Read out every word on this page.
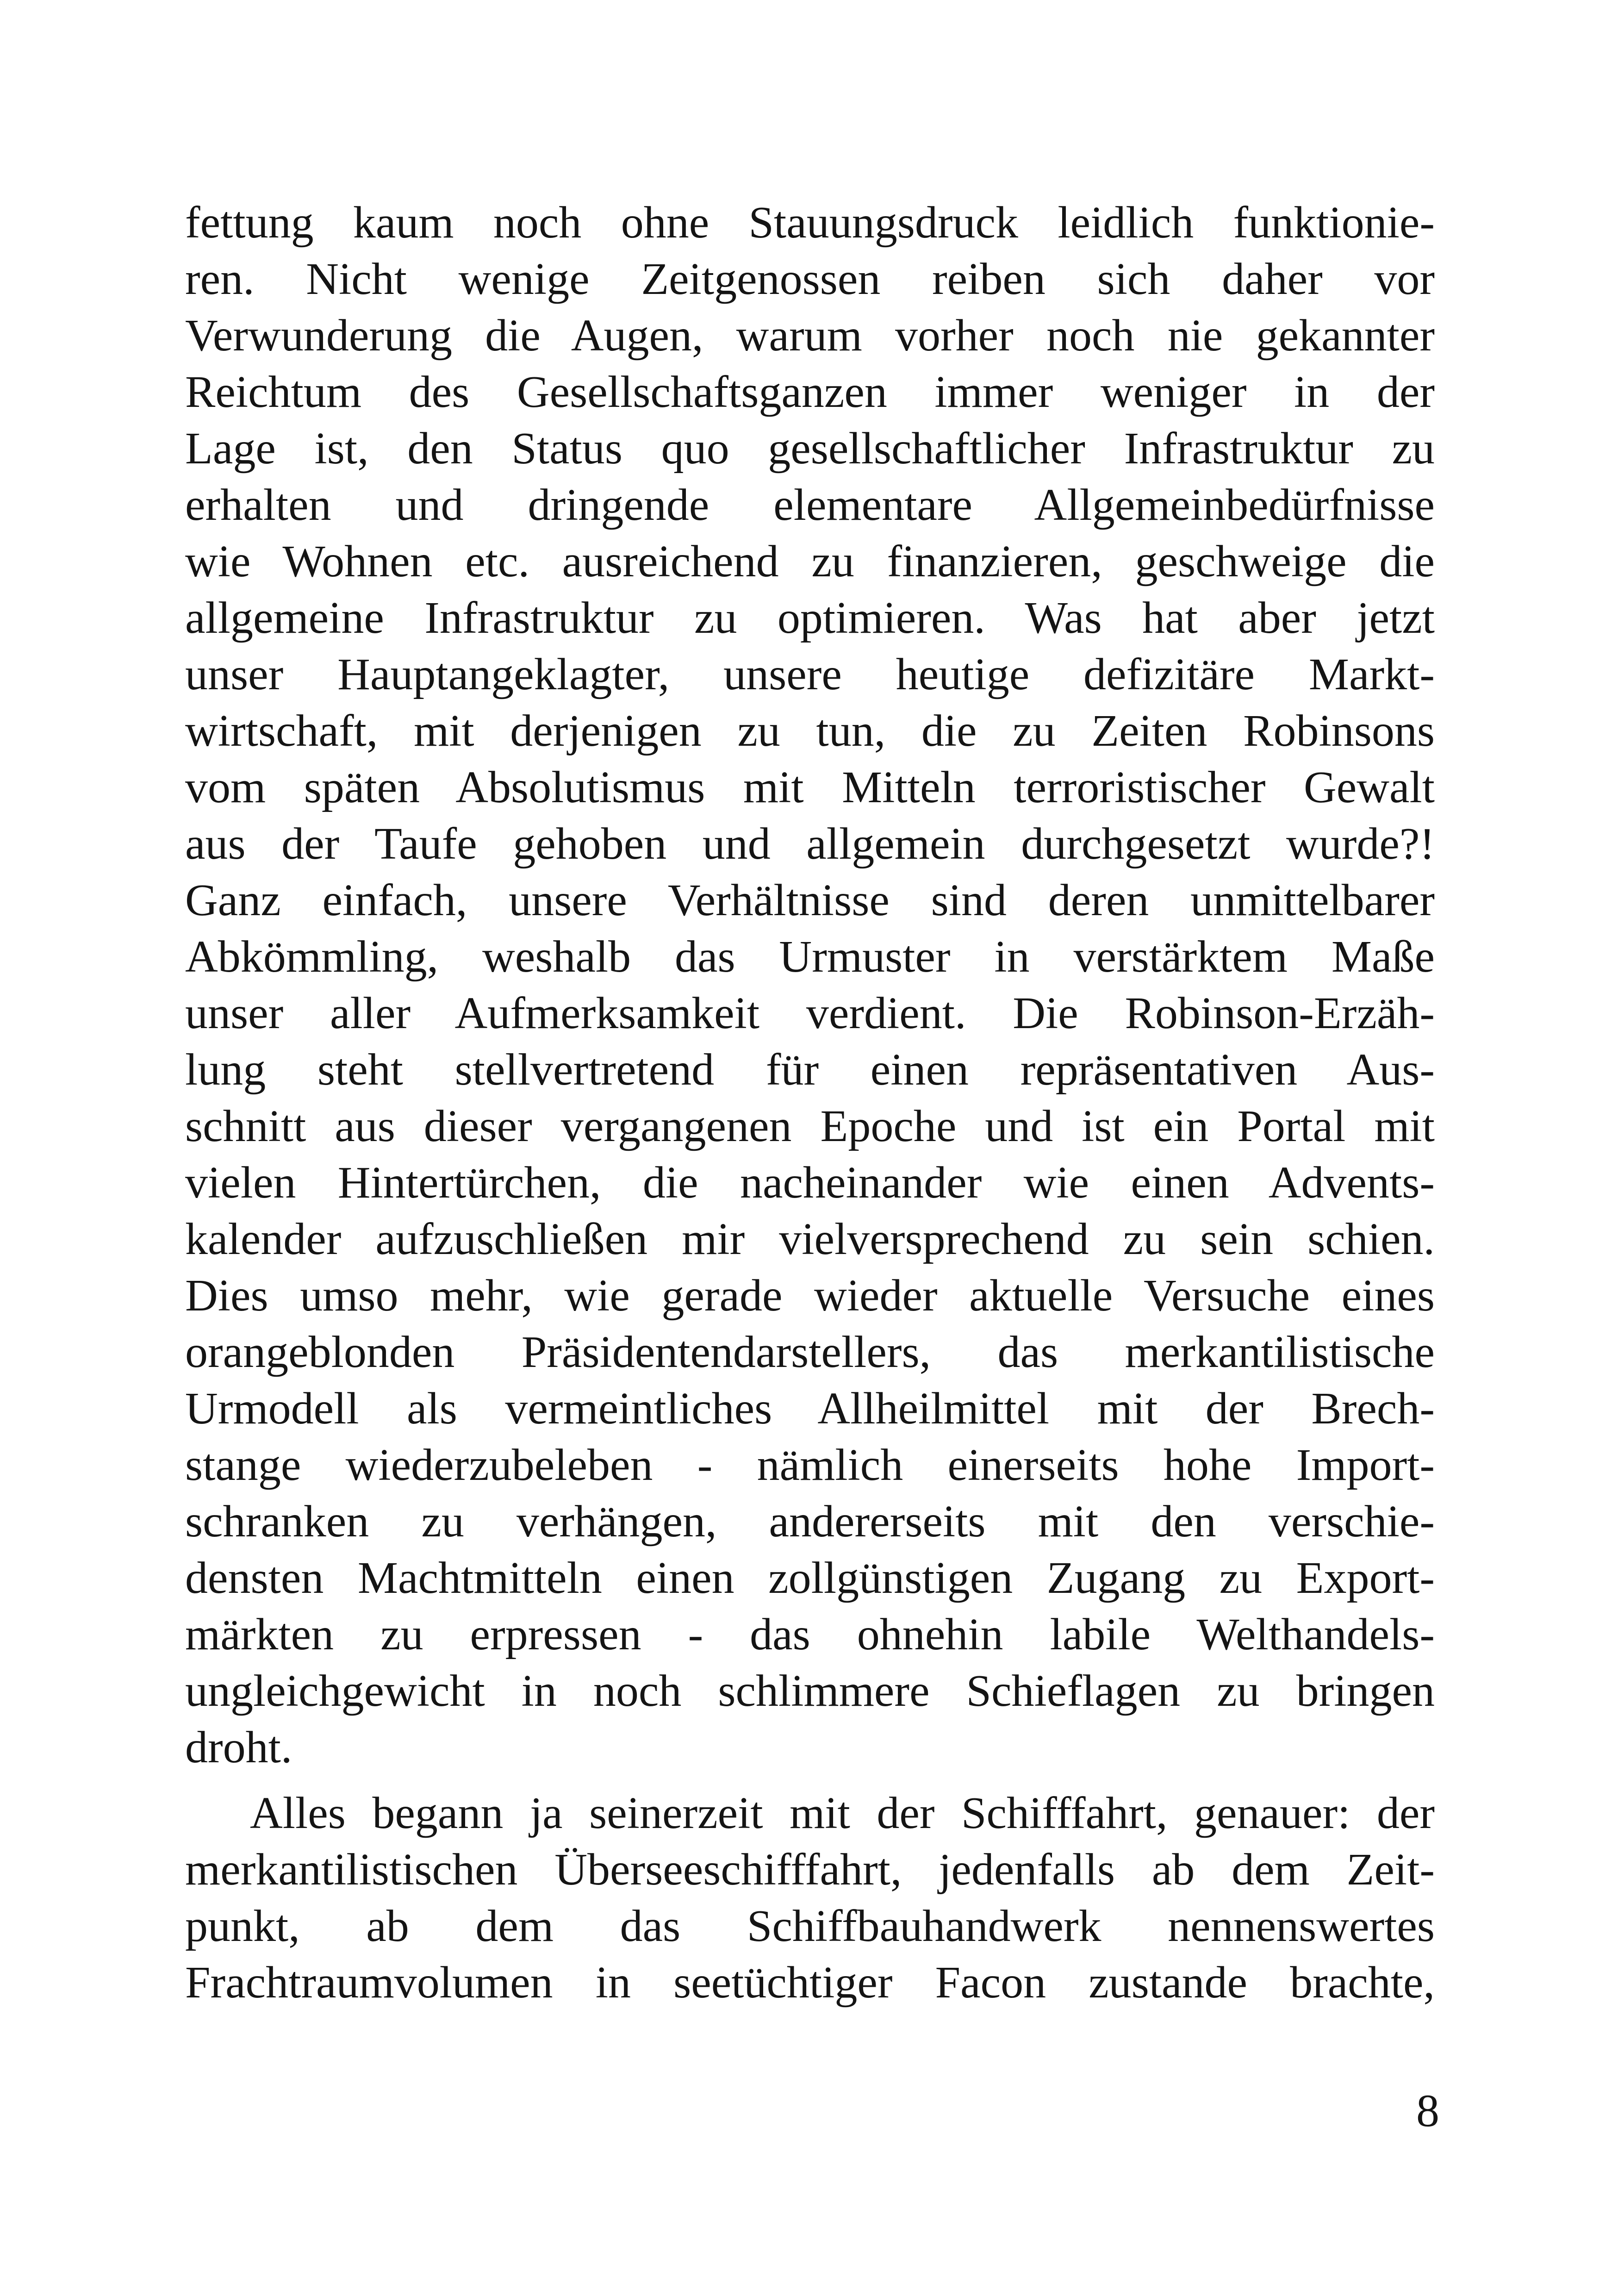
fettung kaum noch ohne Stauungsdruck leidlich funktionie-
ren. Nicht wenige Zeitgenossen reiben sich daher vor
Verwunderung die Augen, warum vorher noch nie gekannter
Reichtum des Gesellschaftsganzen immer weniger in der
Lage ist, den Status quo gesellschaftlicher Infrastruktur zu
erhalten und dringende elementare Allgemeinbedürfnisse
wie Wohnen etc. ausreichend zu finanzieren, geschweige die
allgemeine Infrastruktur zu optimieren. Was hat aber jetzt
unser Hauptangeklagter, unsere heutige defizitäre Markt-
wirtschaft, mit derjenigen zu tun, die zu Zeiten Robinsons
vom späten Absolutismus mit Mitteln terroristischer Gewalt
aus der Taufe gehoben und allgemein durchgesetzt wurde?!
Ganz einfach, unsere Verhältnisse sind deren unmittelbarer
Abkömmling, weshalb das Urmuster in verstärktem Maße
unser aller Aufmerksamkeit verdient. Die Robinson-Erzäh-
lung steht stellvertretend für einen repräsentativen Aus-
schnitt aus dieser vergangenen Epoche und ist ein Portal mit
vielen Hintertürchen, die nacheinander wie einen Advents-
kalender aufzuschließen mir vielversprechend zu sein schien.
Dies umso mehr, wie gerade wieder aktuelle Versuche eines
orangeblonden Präsidentendarstellers, das merkantilistische
Urmodell als vermeintliches Allheilmittel mit der Brech-
stange wiederzubeleben - nämlich einerseits hohe Import-
schranken zu verhängen, andererseits mit den verschie-
densten Machtmitteln einen zollgünstigen Zugang zu Export-
märkten zu erpressen - das ohnehin labile Welthandels-
ungleichgewicht in noch schlimmere Schieflagen zu bringen
droht.
Alles begann ja seinerzeit mit der Schifffahrt, genauer: der
merkantilistischen Überseeschifffahrt, jedenfalls ab dem Zeit-
punkt, ab dem das Schiffbauhandwerk nennenswertes
Frachtraumvolumen in seetüchtiger Facon zustande brachte,
8
